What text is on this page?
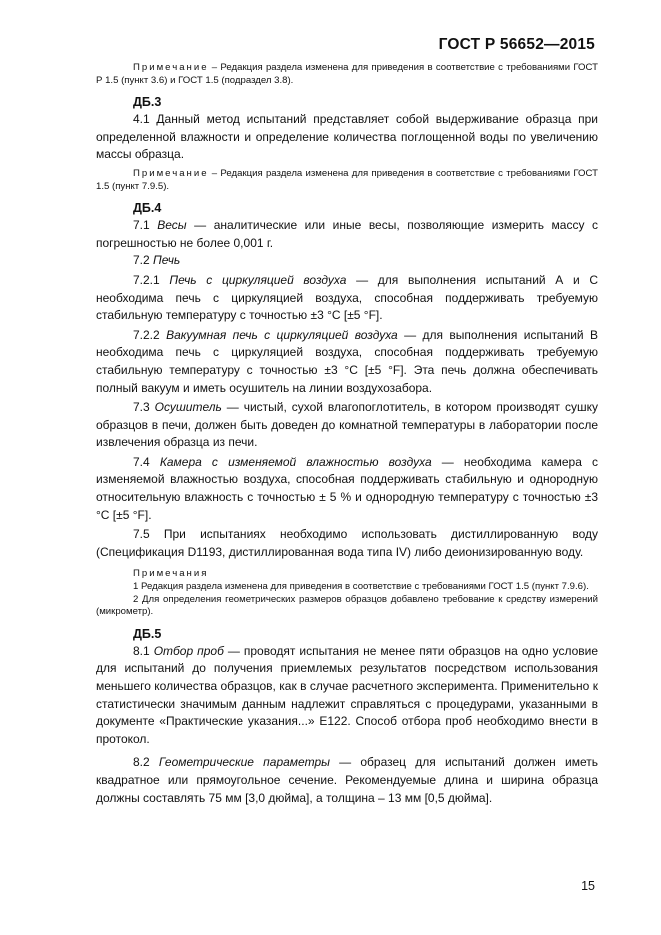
ГОСТ Р 56652—2015
Примечание – Редакция раздела изменена для приведения в соответствие с требованиями ГОСТ Р 1.5 (пункт 3.6) и ГОСТ 1.5 (подраздел 3.8).
ДБ.3
4.1 Данный метод испытаний представляет собой выдерживание образца при определенной влажности и определение количества поглощенной воды по увеличению массы образца.
Примечание – Редакция раздела изменена для приведения в соответствие с требованиями ГОСТ 1.5 (пункт 7.9.5).
ДБ.4
7.1 Весы — аналитические или иные весы, позволяющие измерить массу с погрешностью не более 0,001 г.
7.2 Печь
7.2.1 Печь с циркуляцией воздуха — для выполнения испытаний А и С необходима печь с циркуляцией воздуха, способная поддерживать требуемую стабильную температуру с точностью ±3 °С [±5 °F].
7.2.2 Вакуумная печь с циркуляцией воздуха — для выполнения испытаний В необходима печь с циркуляцией воздуха, способная поддерживать требуемую стабильную температуру с точностью ±3 °С [±5 °F]. Эта печь должна обеспечивать полный вакуум и иметь осушитель на линии воздухозабора.
7.3 Осушитель — чистый, сухой влагопоглотитель, в котором производят сушку образцов в печи, должен быть доведен до комнатной температуры в лаборатории после извлечения образца из печи.
7.4 Камера с изменяемой влажностью воздуха — необходима камера с изменяемой влажностью воздуха, способная поддерживать стабильную и однородную относительную влажность с точностью ± 5 % и однородную температуру с точностью ±3 °С [±5 °F].
7.5 При испытаниях необходимо использовать дистиллированную воду (Спецификация D1193, дистиллированная вода типа IV) либо деионизированную воду.
Примечания
1 Редакция раздела изменена для приведения в соответствие с требованиями ГОСТ 1.5 (пункт 7.9.6).
2 Для определения геометрических размеров образцов добавлено требование к средству измерений (микрометр).
ДБ.5
8.1 Отбор проб — проводят испытания не менее пяти образцов на одно условие для испытаний до получения приемлемых результатов посредством использования меньшего количества образцов, как в случае расчетного эксперимента. Применительно к статистически значимым данным надлежит справляться с процедурами, указанными в документе «Практические указания...» Е122. Способ отбора проб необходимо внести в протокол.
8.2 Геометрические параметры — образец для испытаний должен иметь квадратное или прямоугольное сечение. Рекомендуемые длина и ширина образца должны составлять 75 мм [3,0 дюйма], а толщина – 13 мм [0,5 дюйма].
15
